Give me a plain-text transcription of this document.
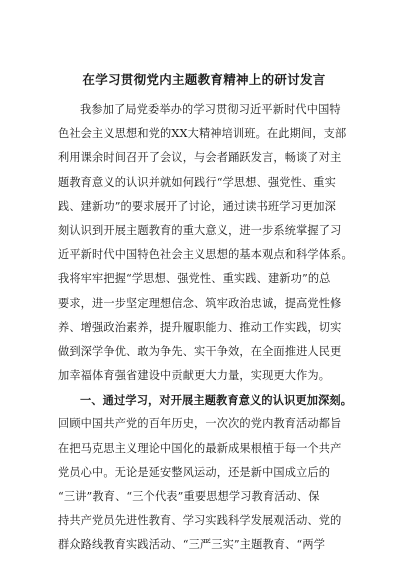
在学习贯彻党内主题教育精神上的研讨发言
我参加了局党委举办的学习贯彻习近平新时代中国特
色社会主义思想和党的XX大精神培训班。在此期间，支部
利用课余时间召开了会议，与会者踊跃发言，畅谈了对主
题教育意义的认识并就如何践行“学思想、强党性、重实
践、建新功”的要求展开了讨论，通过读书班学习更加深
刻认识到开展主题教育的重大意义，进一步系统掌握了习
近平新时代中国特色社会主义思想的基本观点和科学体系。
我将牢牢把握“学思想、强党性、重实践、建新功”的总
要求，进一步坚定理想信念、筑牢政治忠诚，提高党性修
养、增强政治素养，提升履职能力、推动工作实践，切实
做到深学争优、敢为争先、实干争效，在全面推进人民更
加幸福体育强省建设中贡献更大力量，实现更大作为。
一、通过学习，对开展主题教育意义的认识更加深刻。
回顾中国共产党的百年历史，一次次的党内教育活动都旨
在把马克思主义理论中国化的最新成果根植于每一个共产
党员心中。无论是延安整风运动，还是新中国成立后的
“三讲”教育、“三个代表”重要思想学习教育活动、保
持共产党员先进性教育、学习实践科学发展观活动、党的
群众路线教育实践活动、“三严三实”主题教育、“两学
